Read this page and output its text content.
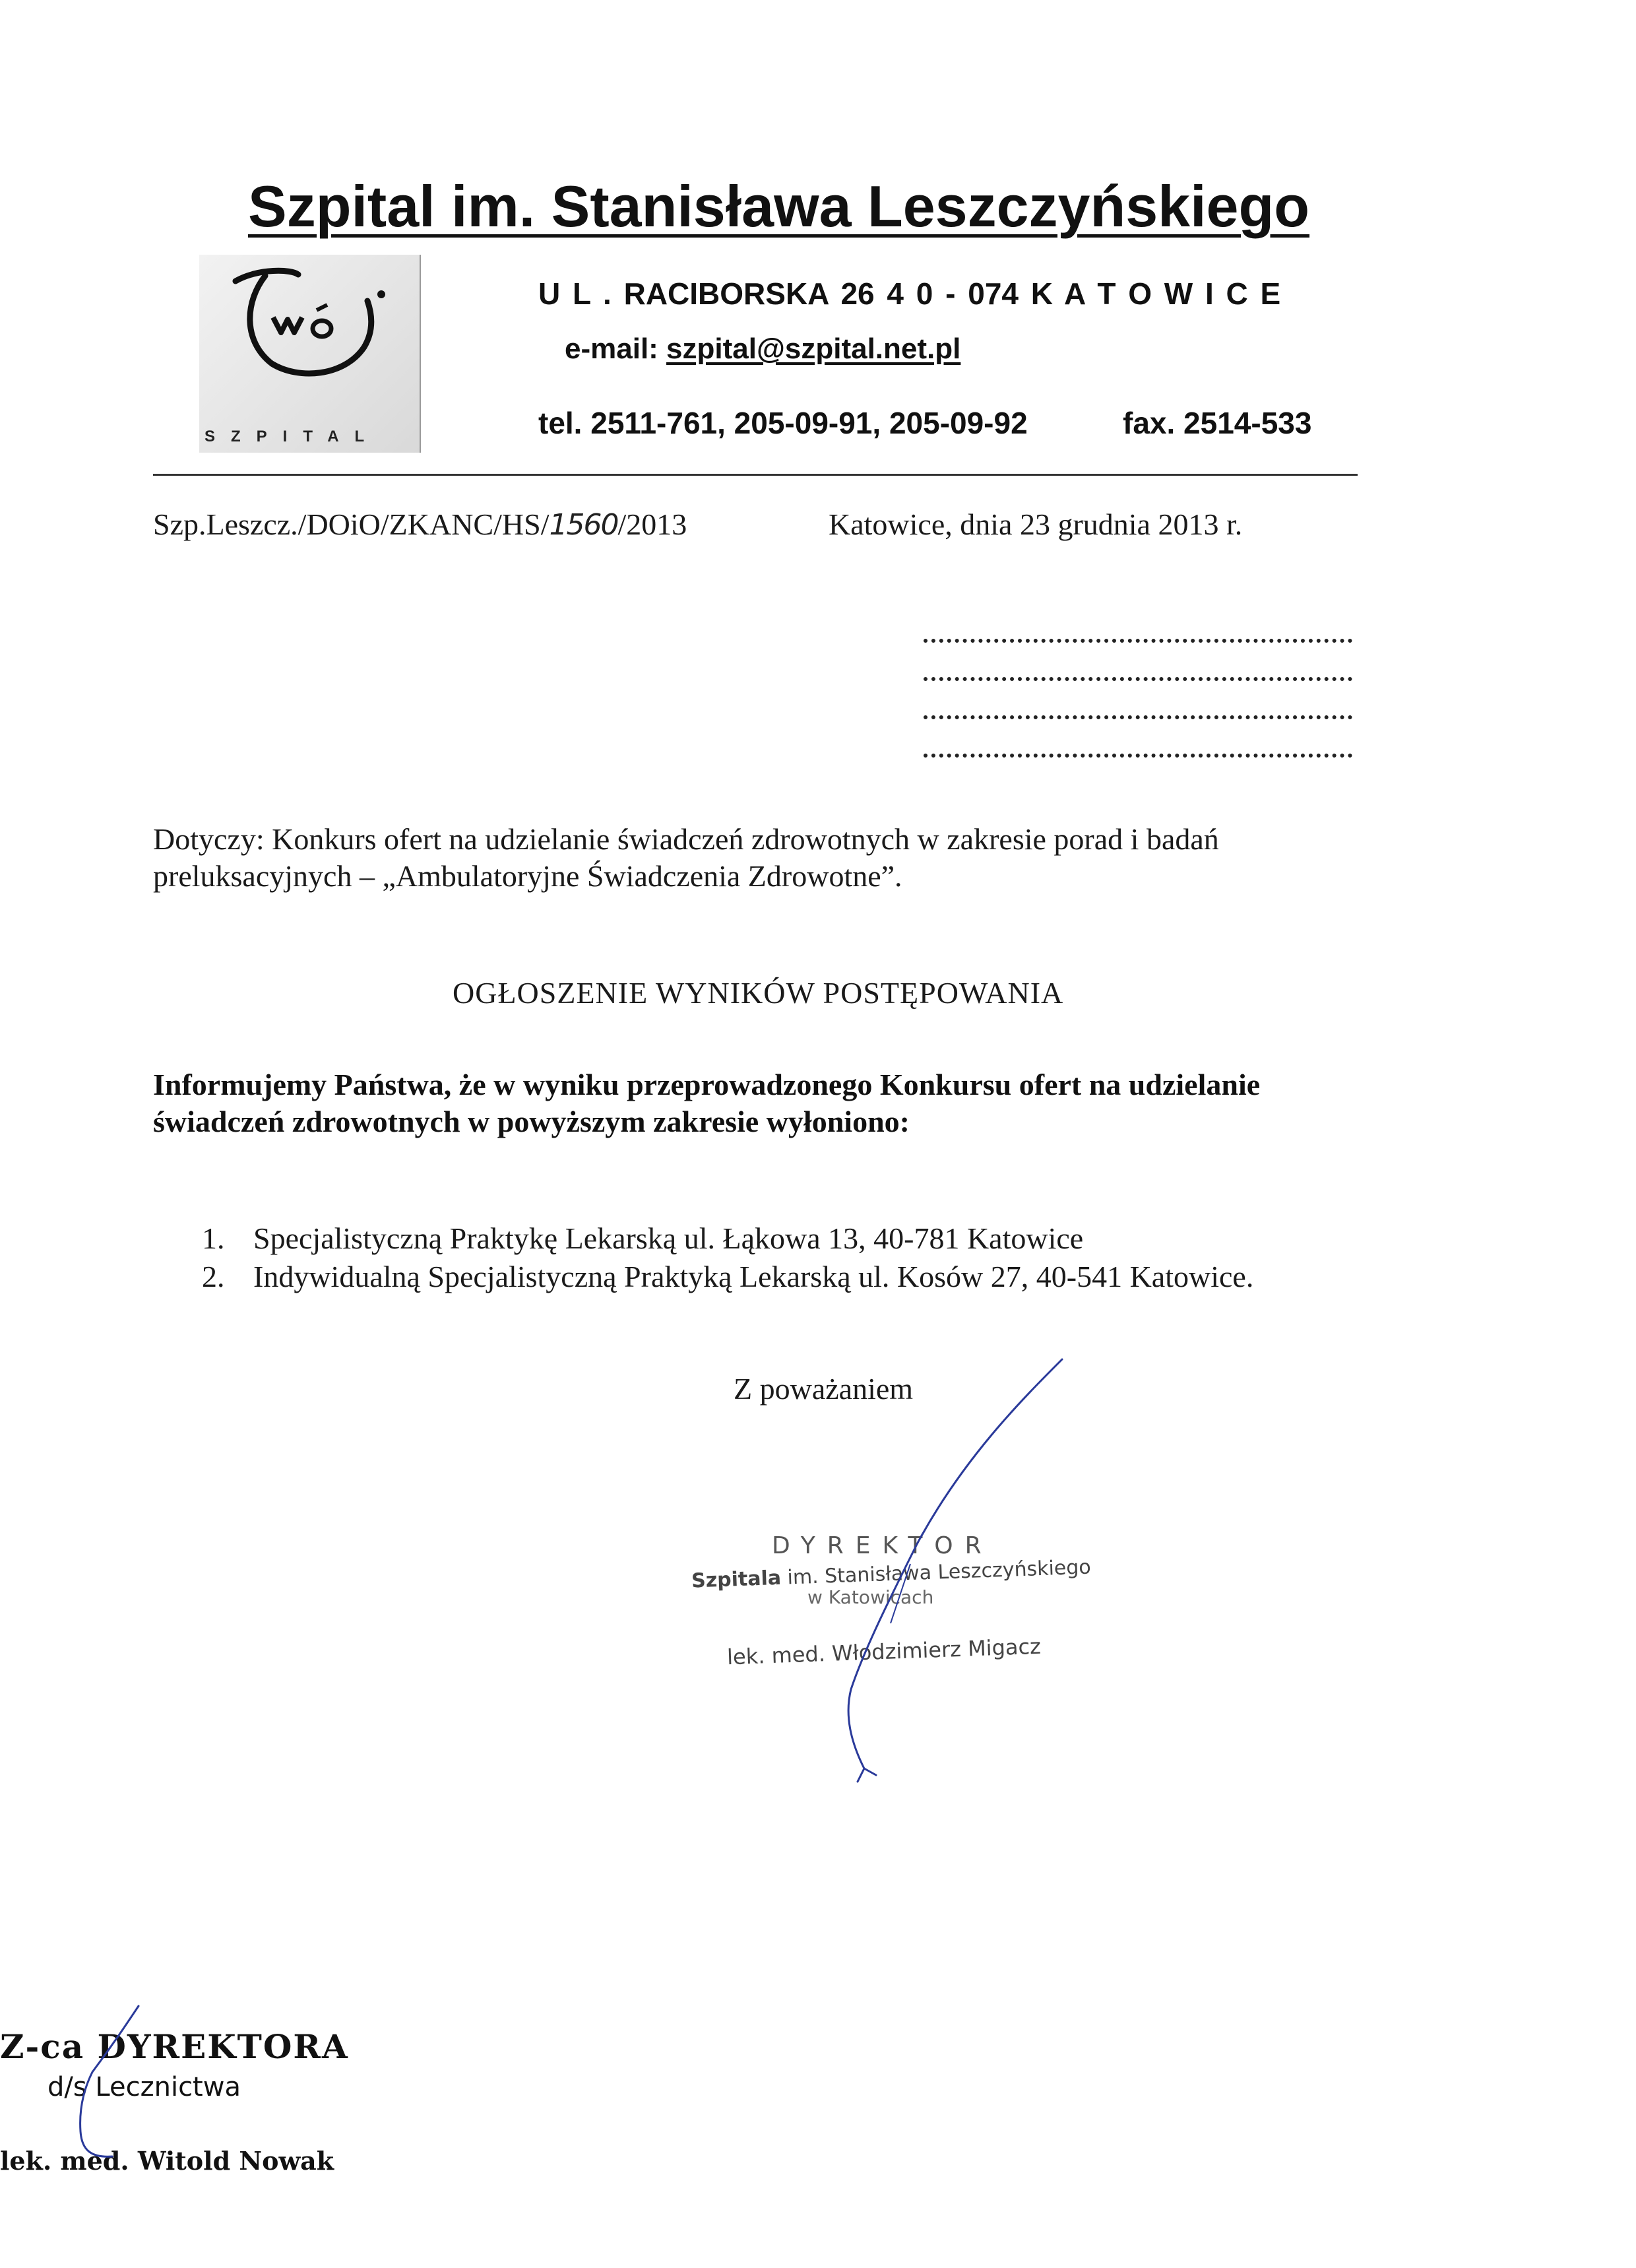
Szpital im. Stanisława Leszczyńskiego
SZPITAL
U L . RACIBORSKA 26 4 0 - 074 K A T O W I C E
e-mail: szpital@szpital.net.pl
tel. 2511-761, 205-09-91, 205-09-92	fax. 2514-533
Szp.Leszcz./DOiO/ZKANC/HS/1560/2013	Katowice, dnia 23 grudnia 2013 r.
Dotyczy: Konkurs ofert na udzielanie świadczeń zdrowotnych w zakresie porad i badań
preluksacyjnych – „Ambulatoryjne Świadczenia Zdrowotne”.
OGŁOSZENIE WYNIKÓW POSTĘPOWANIA
Informujemy Państwa, że w wyniku przeprowadzonego Konkursu ofert na udzielanie
świadczeń zdrowotnych w powyższym zakresie wyłoniono:
1. Specjalistyczną Praktykę Lekarską ul. Łąkowa 13, 40-781 Katowice
2. Indywidualną Specjalistyczną Praktyką Lekarską ul. Kosów 27, 40-541 Katowice.
Z poważaniem
DYREKTOR
Szpitala im. Stanisława Leszczyńskiego
w Katowicach
lek. med. Włodzimierz Migacz
Z-ca DYREKTORA
d/s Lecznictwa
lek. med. Witold Nowak
